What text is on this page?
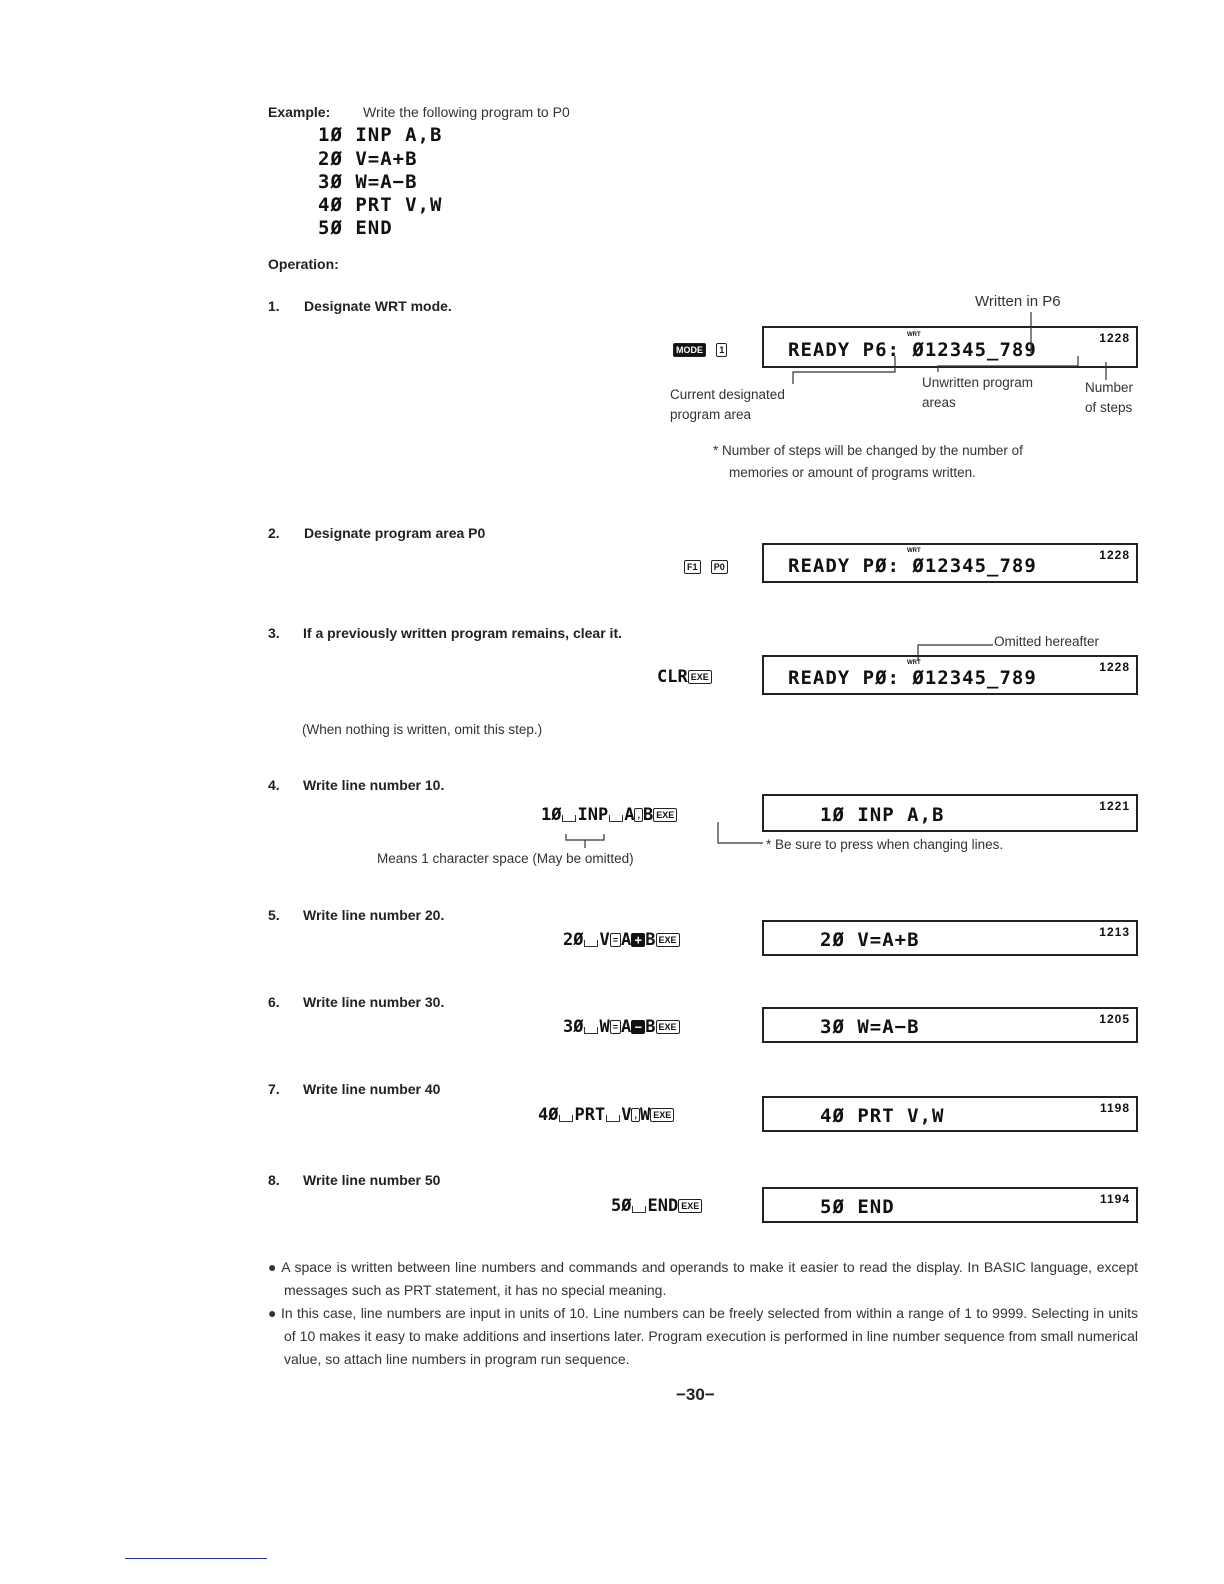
Example: Write the following program to P0
1Ø INP A,B
2Ø V=A+B
3Ø W=A−B
4Ø PRT V,W
5Ø END
Operation:
1. Designate WRT mode.
2. Designate program area P0
3. If a previously written program remains, clear it.
4. Write line number 10.
5. Write line number 20.
6. Write line number 30.
7. Write line number 40
8. Write line number 50
MODE 1
F1 P0
CLR EXE
1Ø INP A , B EXE
2Ø V = A + B EXE
3Ø W = A − B EXE
4Ø PRT V , W EXE
5Ø END EXE
WRT
READY P6: Ø12345_789
1228
WRT
READY PØ: Ø12345_789	1228
WRT
READY PØ: Ø12345_789	1228
1Ø INP A,B	1221
2Ø V=A+B	1213
3Ø W=A−B	1205
4Ø PRT V,W	1198
5Ø END	1194
Written in P6
Current designated
program area
Unwritten program
areas
Number
of steps
* Number of steps will be changed by the number of
memories or amount of programs written.
Omitted hereafter
(When nothing is written, omit this step.)
Means 1 character space (May be omitted)
* Be sure to press when changing lines.

● A space is written between line numbers and commands and operands to make it easier to read the display. In BASIC language, except messages such as PRT statement, it has no special meaning.

● In this case, line numbers are input in units of 10. Line numbers can be freely selected from within a range of 1 to 9999. Selecting in units of 10 makes it easy to make additions and insertions later. Program execution is performed in line number sequence from small numerical value, so attach line numbers in program run sequence.

−30−
